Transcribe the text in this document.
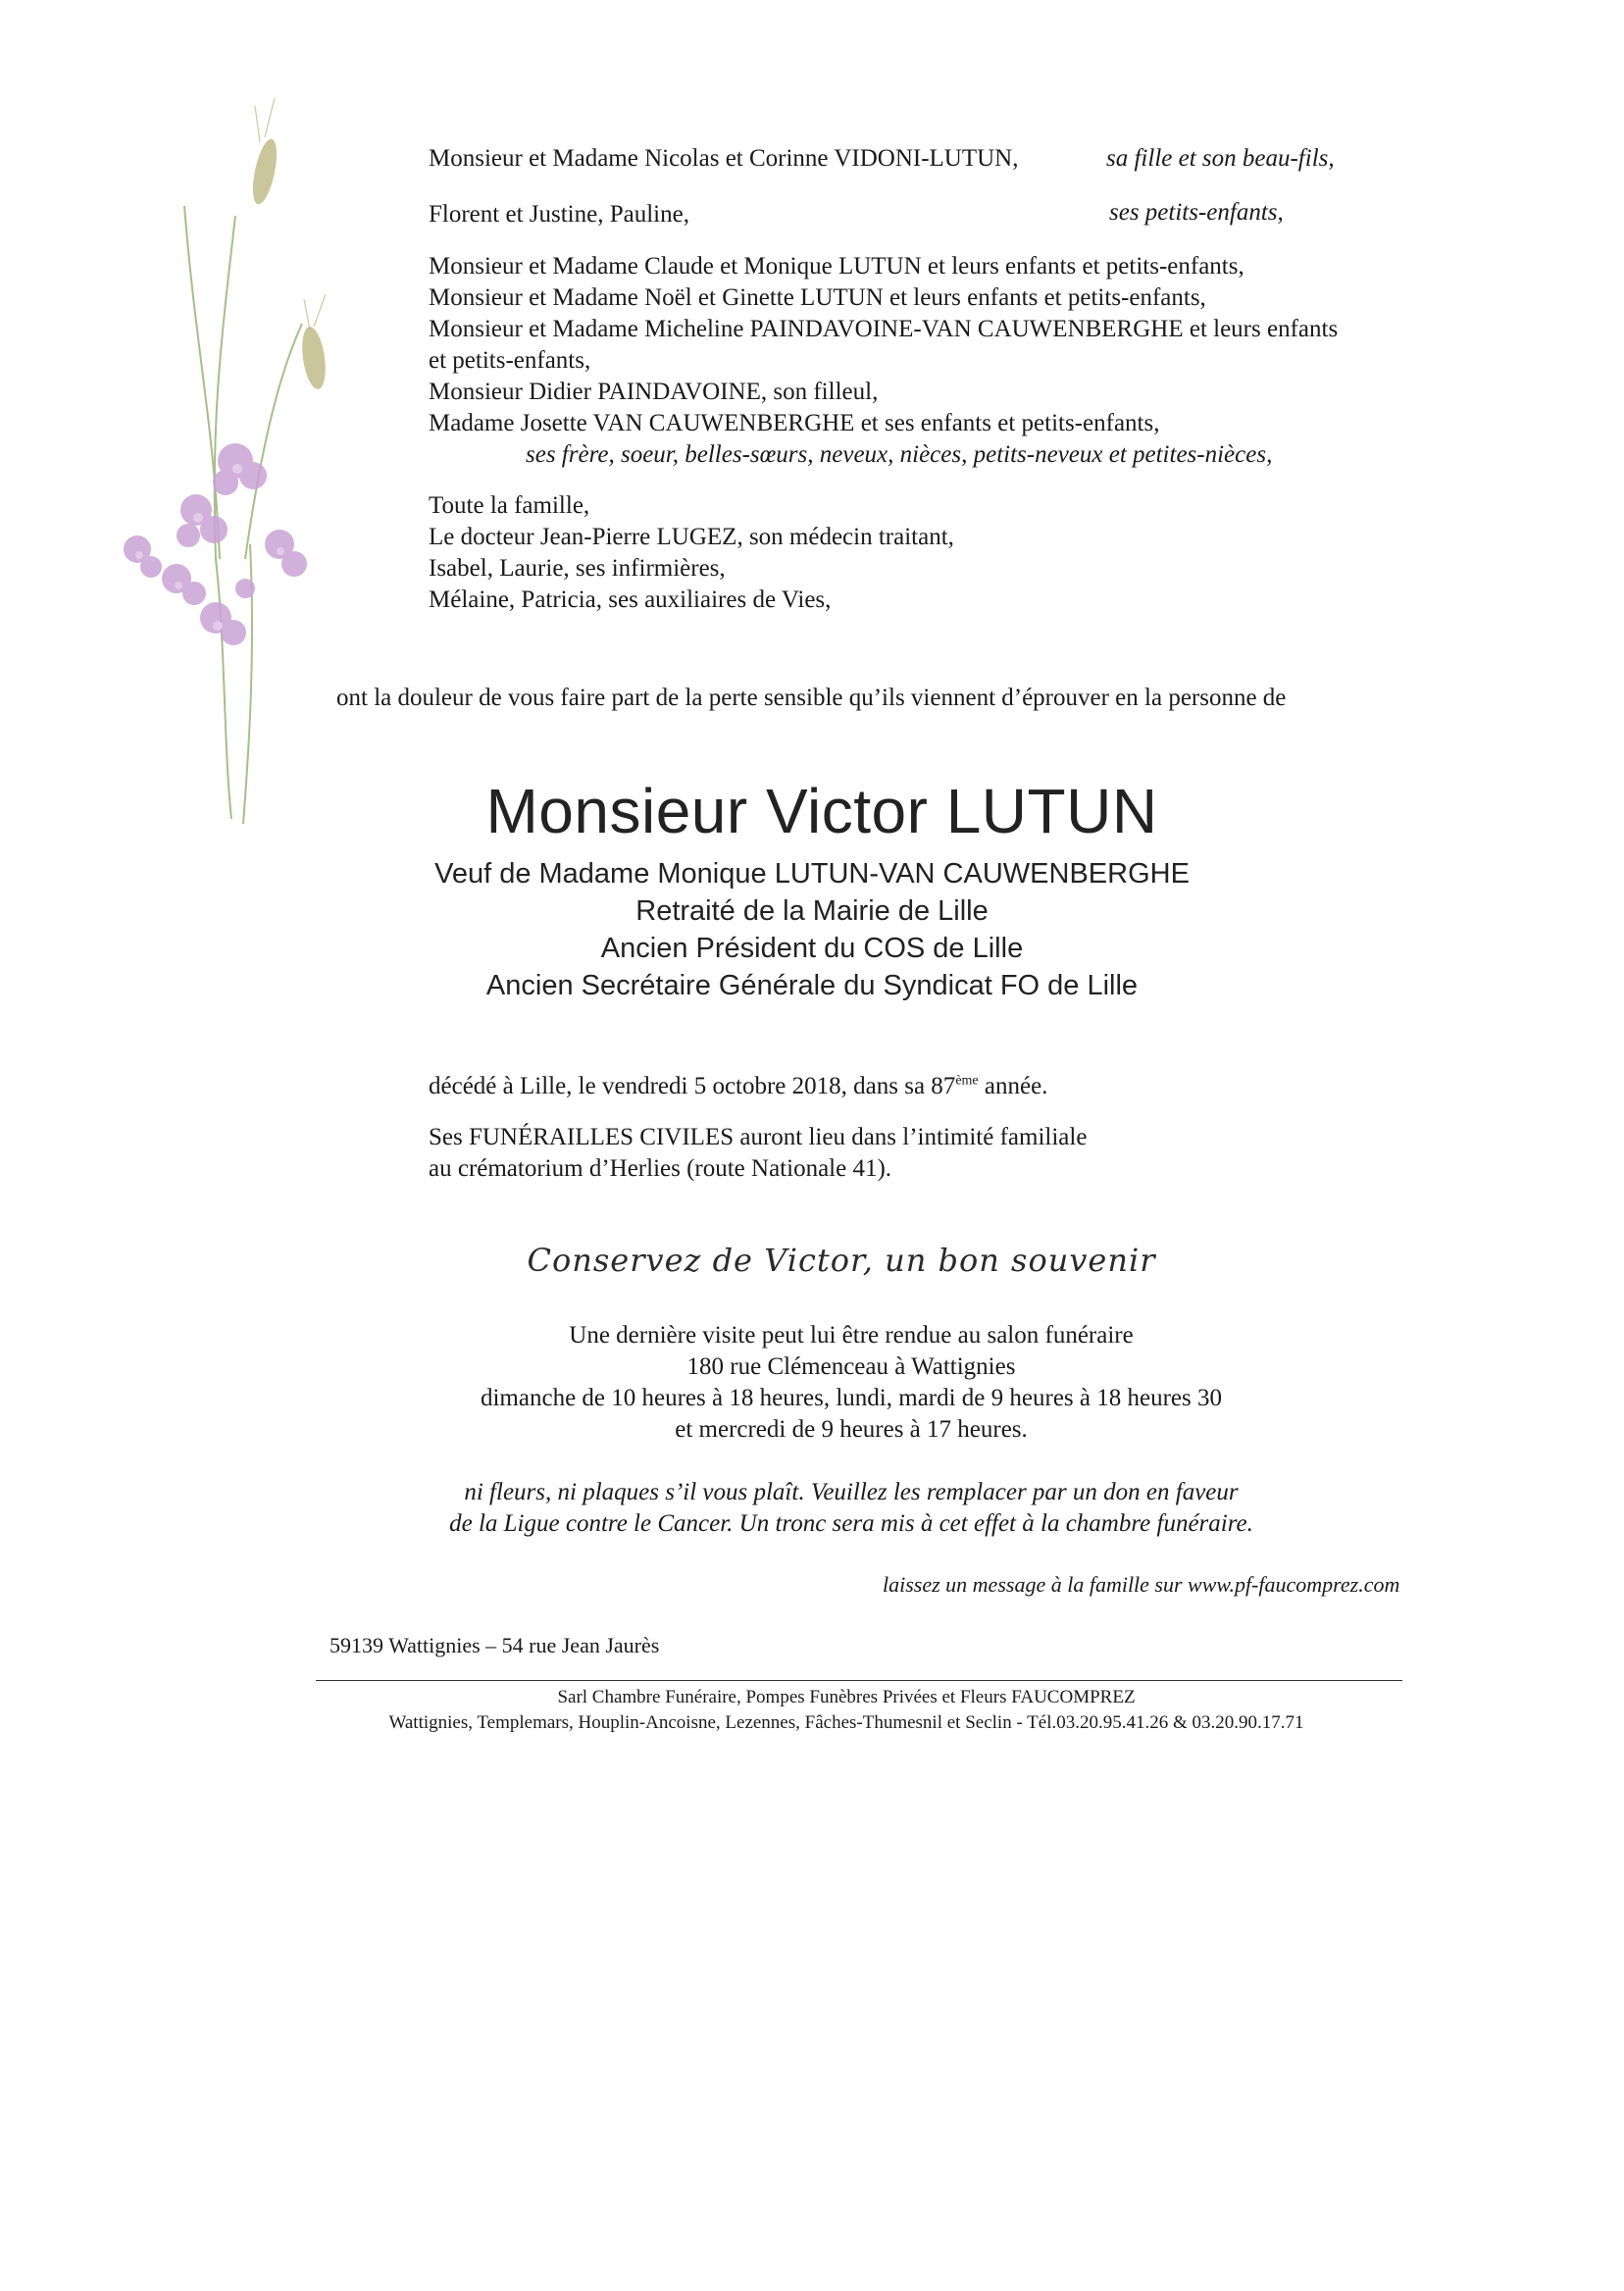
Monsieur et Madame Nicolas et Corinne VIDONI-LUTUN,	sa fille et son beau-fils,
Florent et Justine, Pauline,	ses petits-enfants,
Monsieur et Madame Claude et Monique LUTUN et leurs enfants et petits-enfants,
Monsieur et Madame Noël et Ginette LUTUN et leurs enfants et petits-enfants,
Monsieur et Madame Micheline PAINDAVOINE-VAN CAUWENBERGHE et leurs enfants
et petits-enfants,
Monsieur Didier PAINDAVOINE, son filleul,
Madame Josette VAN CAUWENBERGHE et ses enfants et petits-enfants,
ses frère, soeur, belles-sœurs, neveux, nièces, petits-neveux et petites-nièces,
Toute la famille,
Le docteur Jean-Pierre LUGEZ, son médecin traitant,
Isabel, Laurie, ses infirmières,
Mélaine, Patricia, ses auxiliaires de Vies,
ont la douleur de vous faire part de la perte sensible qu’ils viennent d’éprouver en la personne de
Monsieur Victor LUTUN
Veuf de Madame Monique LUTUN-VAN CAUWENBERGHE
Retraité de la Mairie de Lille
Ancien Président du COS de Lille
Ancien Secrétaire Générale du Syndicat FO de Lille
décédé à Lille, le vendredi 5 octobre 2018, dans sa 87ème année.
Ses FUNÉRAILLES CIVILES auront lieu dans l’intimité familiale
au crématorium d’Herlies (route Nationale 41).
Conservez de Victor, un bon souvenir
Une dernière visite peut lui être rendue au salon funéraire
180 rue Clémenceau à Wattignies
dimanche de 10 heures à 18 heures, lundi, mardi de 9 heures à 18 heures 30
et mercredi de 9 heures à 17 heures.
ni fleurs, ni plaques s’il vous plaît. Veuillez les remplacer par un don en faveur
de la Ligue contre le Cancer. Un tronc sera mis à cet effet à la chambre funéraire.
laissez un message à la famille sur www.pf-faucomprez.com
59139 Wattignies – 54 rue Jean Jaurès
Sarl Chambre Funéraire, Pompes Funèbres Privées et Fleurs FAUCOMPREZ
Wattignies, Templemars, Houplin-Ancoisne, Lezennes, Fâches-Thumesnil et Seclin - Tél.03.20.95.41.26 & 03.20.90.17.71
